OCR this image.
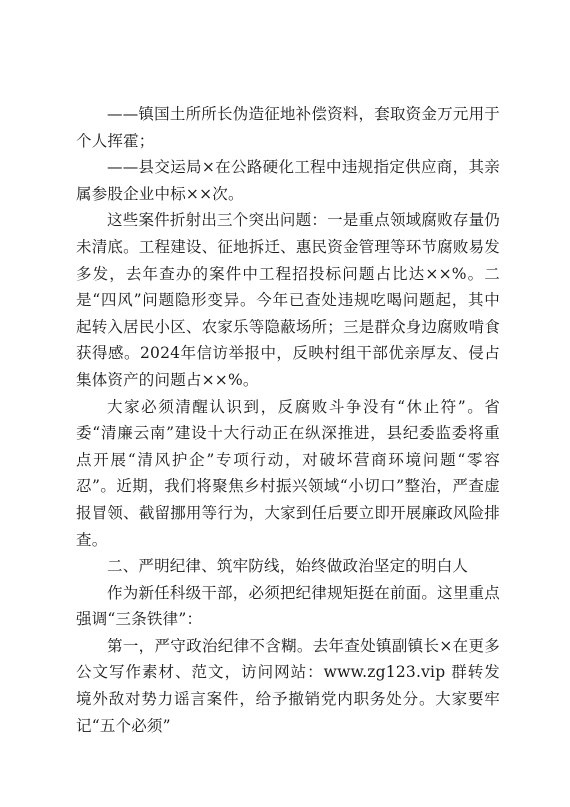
——镇国土所所长伪造征地补偿资料，套取资金万元用于个人挥霍；

——县交运局×在公路硬化工程中违规指定供应商，其亲属参股企业中标××次。

这些案件折射出三个突出问题：一是重点领域腐败存量仍未清底。工程建设、征地拆迁、惠民资金管理等环节腐败易发多发，去年查办的案件中工程招投标问题占比达××%。二是“四风”问题隐形变异。今年已查处违规吃喝问题起，其中起转入居民小区、农家乐等隐蔽场所；三是群众身边腐败啃食获得感。2024年信访举报中，反映村组干部优亲厚友、侵占集体资产的问题占××%。

大家必须清醒认识到，反腐败斗争没有“休止符”。省委“清廉云南”建设十大行动正在纵深推进，县纪委监委将重点开展“清风护企”专项行动，对破坏营商环境问题“零容忍”。近期，我们将聚焦乡村振兴领域“小切口”整治，严查虚报冒领、截留挪用等行为，大家到任后要立即开展廉政风险排查。

二、严明纪律、筑牢防线，始终做政治坚定的明白人

作为新任科级干部，必须把纪律规矩挺在前面。这里重点强调“三条铁律”：

第一，严守政治纪律不含糊。去年查处镇副镇长×在更多公文写作素材、范文，访问网站：www.zg123.vip 群转发境外敌对势力谣言案件，给予撤销党内职务处分。大家要牢记“五个必须”
